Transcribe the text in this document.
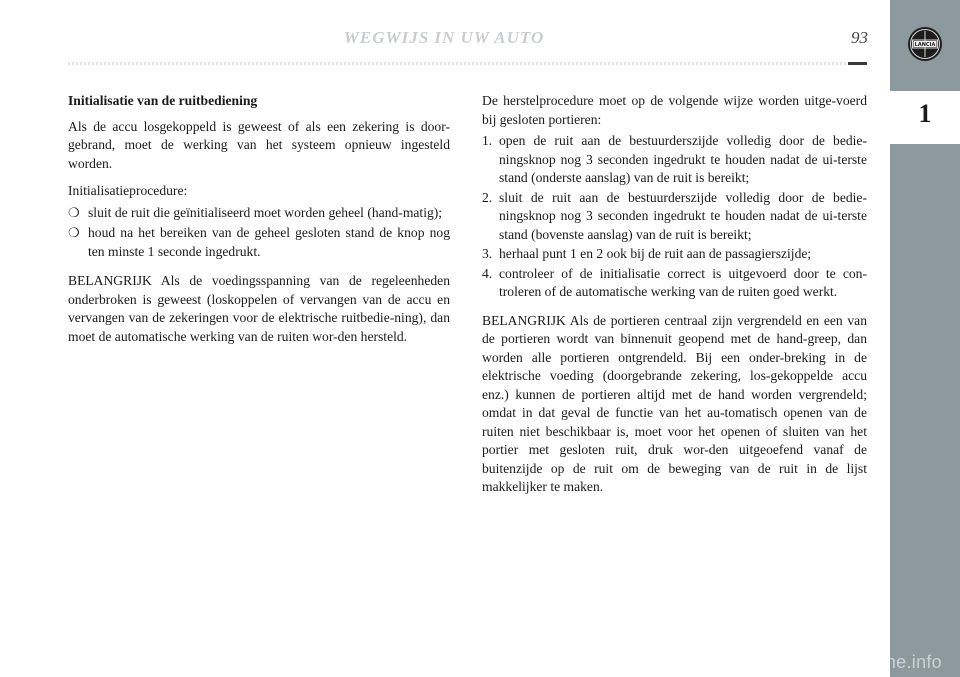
WEGWIJS IN UW AUTO	93	LANCIA
1

Initialisatie van de ruitbediening

Als de accu losgekoppeld is geweest of als een zekering is door-gebrand, moet de werking van het systeem opnieuw ingesteld worden.

Initialisatieprocedure:

❍ sluit de ruit die geïnitialiseerd moet worden geheel (hand-matig);
❍ houd na het bereiken van de geheel gesloten stand de knop nog ten minste 1 seconde ingedrukt.

BELANGRIJK Als de voedingsspanning van de regeleenheden onderbroken is geweest (loskoppelen of vervangen van de accu en vervangen van de zekeringen voor de elektrische ruitbedie-ning), dan moet de automatische werking van de ruiten wor-den hersteld.

De herstelprocedure moet op de volgende wijze worden uitge-voerd bij gesloten portieren:

1. open de ruit aan de bestuurderszijde volledig door de bedie-ningsknop nog 3 seconden ingedrukt te houden nadat de ui-terste stand (onderste aanslag) van de ruit is bereikt;
2. sluit de ruit aan de bestuurderszijde volledig door de bedie-ningsknop nog 3 seconden ingedrukt te houden nadat de ui-terste stand (bovenste aanslag) van de ruit is bereikt;
3. herhaal punt 1 en 2 ook bij de ruit aan de passagierszijde;
4. controleer of de initialisatie correct is uitgevoerd door te con-troleren of de automatische werking van de ruiten goed werkt.

BELANGRIJK Als de portieren centraal zijn vergrendeld en een van de portieren wordt van binnenuit geopend met de hand-greep, dan worden alle portieren ontgrendeld. Bij een onder-breking in de elektrische voeding (doorgebrande zekering, los-gekoppelde accu enz.) kunnen de portieren altijd met de hand worden vergrendeld; omdat in dat geval de functie van het au-tomatisch openen van de ruiten niet beschikbaar is, moet voor het openen of sluiten van het portier met gesloten ruit, druk wor-den uitgeoefend vanaf de buitenzijde op de ruit om de beweging van de ruit in de lijst makkelijker te maken.

carmanualsonline.info
